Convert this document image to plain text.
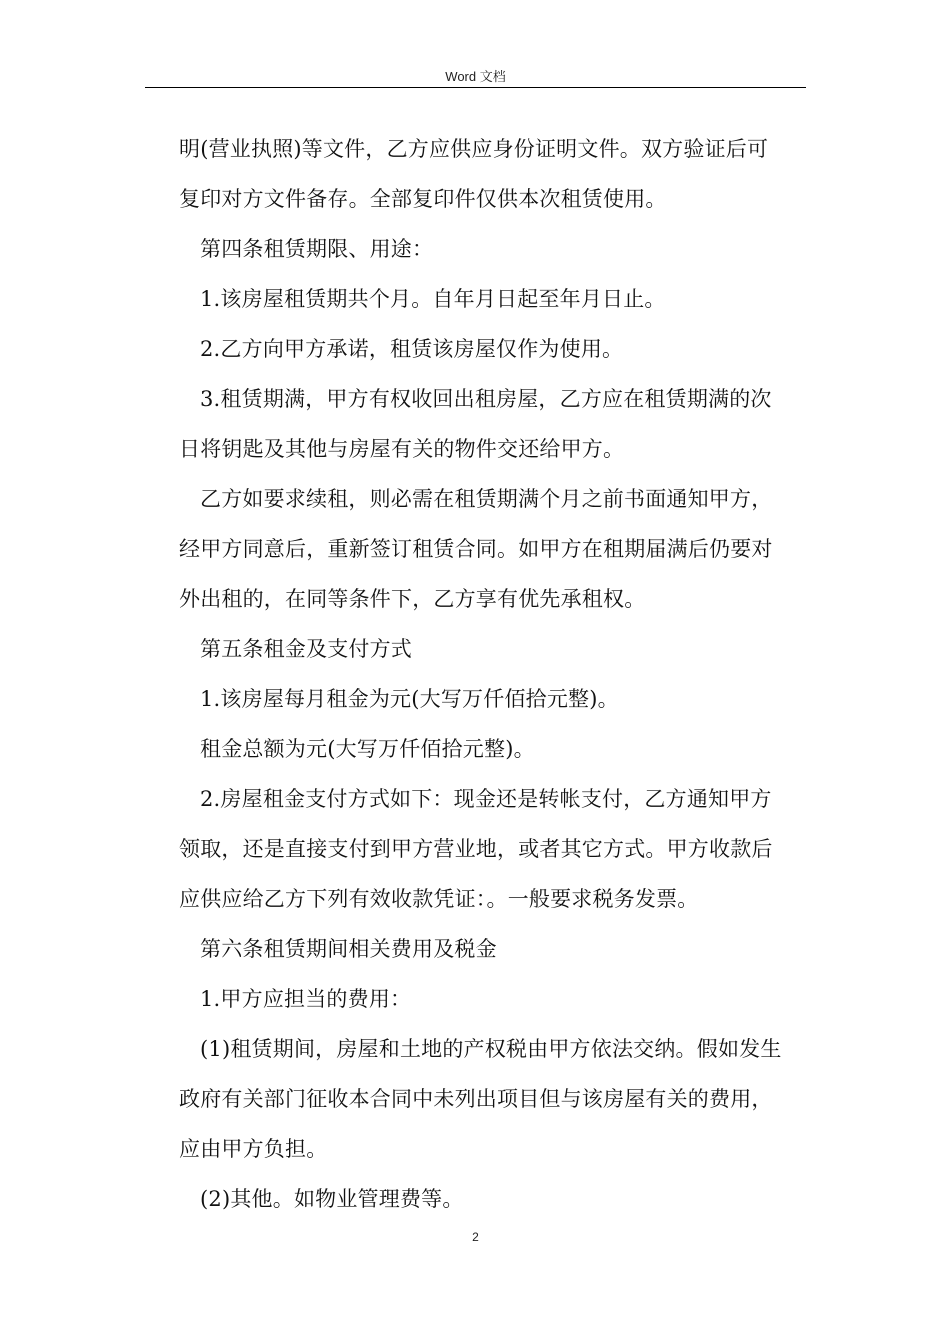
Word 文档
明(营业执照)等文件，乙方应供应身份证明文件。双方验证后可
复印对方文件备存。全部复印件仅供本次租赁使用。
第四条租赁期限、用途：
1.该房屋租赁期共个月。自年月日起至年月日止。
2.乙方向甲方承诺，租赁该房屋仅作为使用。
3.租赁期满，甲方有权收回出租房屋，乙方应在租赁期满的次
日将钥匙及其他与房屋有关的物件交还给甲方。
乙方如要求续租，则必需在租赁期满个月之前书面通知甲方，
经甲方同意后，重新签订租赁合同。如甲方在租期届满后仍要对
外出租的，在同等条件下，乙方享有优先承租权。
第五条租金及支付方式
1.该房屋每月租金为元(大写万仟佰拾元整)。
租金总额为元(大写万仟佰拾元整)。
2.房屋租金支付方式如下：现金还是转帐支付，乙方通知甲方
领取，还是直接支付到甲方营业地，或者其它方式。甲方收款后
应供应给乙方下列有效收款凭证：。一般要求税务发票。
第六条租赁期间相关费用及税金
1.甲方应担当的费用：
(1)租赁期间，房屋和土地的产权税由甲方依法交纳。假如发生
政府有关部门征收本合同中未列出项目但与该房屋有关的费用，
应由甲方负担。
(2)其他。如物业管理费等。
2
